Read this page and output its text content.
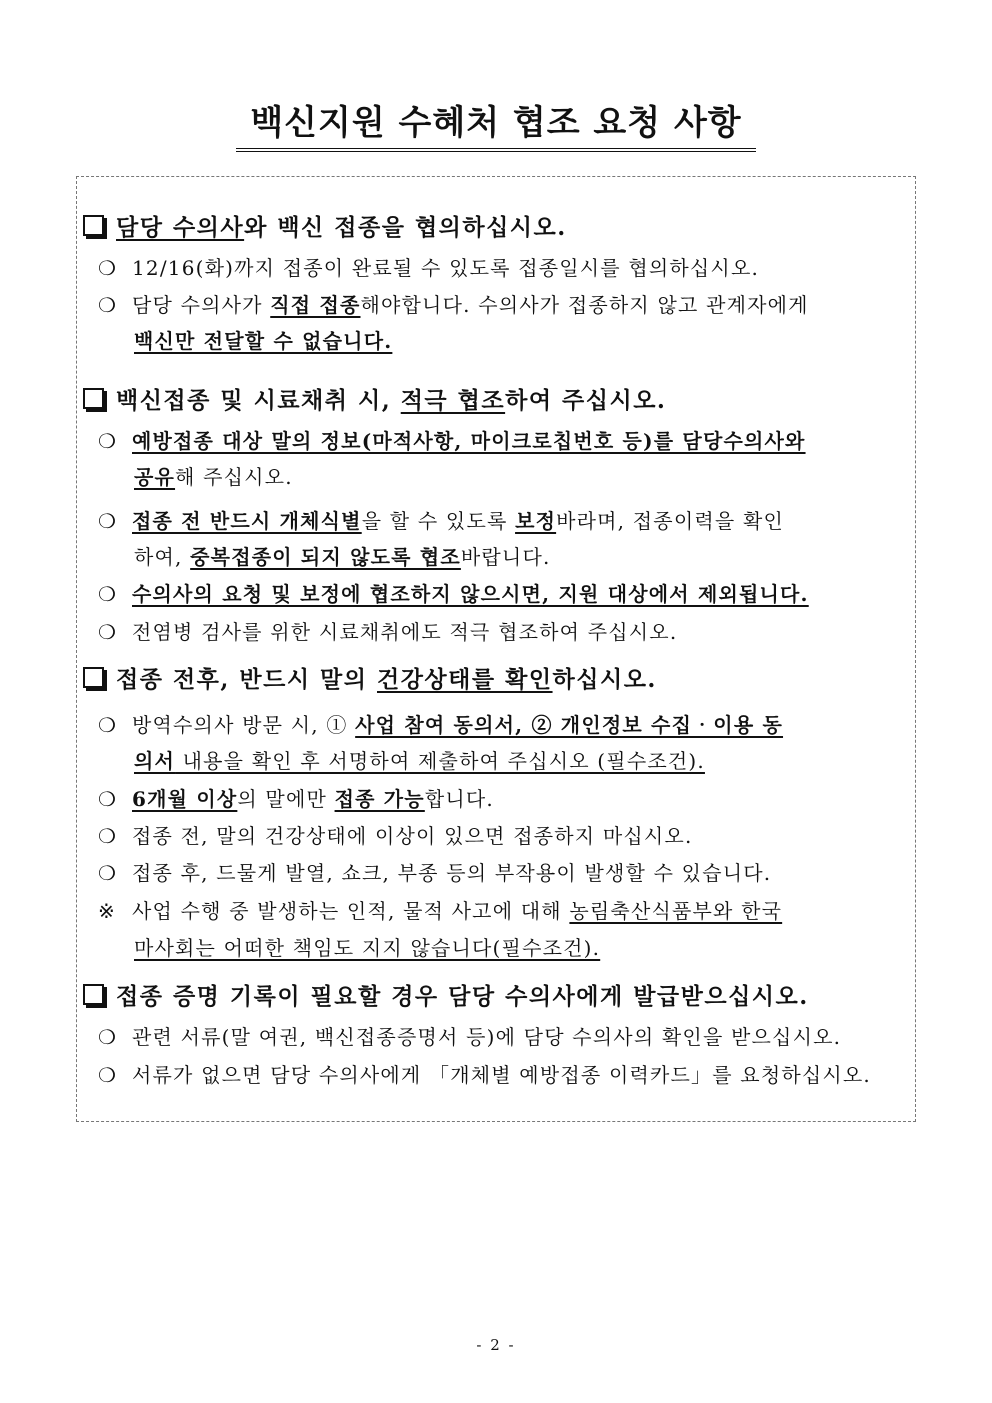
백신지원 수혜처 협조 요청 사항
담당 수의사와 백신 접종을 협의하십시오.
❍ 12/16(화)까지 접종이 완료될 수 있도록 접종일시를 협의하십시오.
❍ 담당 수의사가 직접 접종해야합니다. 수의사가 접종하지 않고 관계자에게
백신만 전달할 수 없습니다.
백신접종 및 시료채취 시, 적극 협조하여 주십시오.
❍ 예방접종 대상 말의 정보(마적사항, 마이크로칩번호 등)를 담당수의사와
공유해 주십시오.
❍ 접종 전 반드시 개체식별을 할 수 있도록 보정바라며, 접종이력을 확인
하여, 중복접종이 되지 않도록 협조바랍니다.
❍ 수의사의 요청 및 보정에 협조하지 않으시면, 지원 대상에서 제외됩니다.
❍ 전염병 검사를 위한 시료채취에도 적극 협조하여 주십시오.
접종 전후, 반드시 말의 건강상태를 확인하십시오.
❍ 방역수의사 방문 시, ① 사업 참여 동의서, ② 개인정보 수집‧이용 동
의서 내용을 확인 후 서명하여 제출하여 주십시오 (필수조건).
❍ 6개월 이상의 말에만 접종 가능합니다.
❍ 접종 전, 말의 건강상태에 이상이 있으면 접종하지 마십시오.
❍ 접종 후, 드물게 발열, 쇼크, 부종 등의 부작용이 발생할 수 있습니다.
※ 사업 수행 중 발생하는 인적, 물적 사고에 대해 농림축산식품부와 한국
마사회는 어떠한 책임도 지지 않습니다(필수조건).
접종 증명 기록이 필요할 경우 담당 수의사에게 발급받으십시오.
❍ 관련 서류(말 여권, 백신접종증명서 등)에 담당 수의사의 확인을 받으십시오.
❍ 서류가 없으면 담당 수의사에게 「개체별 예방접종 이력카드」를 요청하십시오.
- 2 -
